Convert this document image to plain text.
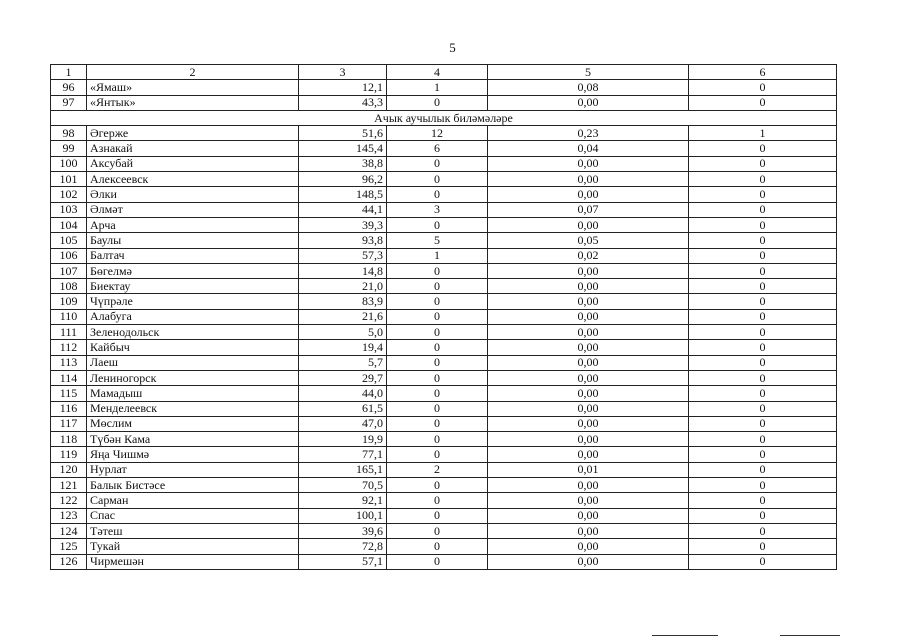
5
1	2	3	4	5	6
96	«Ямаш»	12,1	1	0,08	0
97	«Янтык»	43,3	0	0,00	0
Ачык аучылык биләмәләре					
98	Әгерже	51,6	12	0,23	1
99	Азнакай	145,4	6	0,04	0
100	Аксубай	38,8	0	0,00	0
101	Алексеевск	96,2	0	0,00	0
102	Әлки	148,5	0	0,00	0
103	Әлмәт	44,1	3	0,07	0
104	Арча	39,3	0	0,00	0
105	Баулы	93,8	5	0,05	0
106	Балтач	57,3	1	0,02	0
107	Бөгелмә	14,8	0	0,00	0
108	Биектау	21,0	0	0,00	0
109	Чүпрәле	83,9	0	0,00	0
110	Алабуга	21,6	0	0,00	0
111	Зеленодольск	5,0	0	0,00	0
112	Кайбыч	19,4	0	0,00	0
113	Лаеш	5,7	0	0,00	0
114	Лениногорск	29,7	0	0,00	0
115	Мамадыш	44,0	0	0,00	0
116	Менделеевск	61,5	0	0,00	0
117	Мөслим	47,0	0	0,00	0
118	Түбән Кама	19,9	0	0,00	0
119	Яңа Чишмә	77,1	0	0,00	0
120	Нурлат	165,1	2	0,01	0
121	Балык Бистәсе	70,5	0	0,00	0
122	Сарман	92,1	0	0,00	0
123	Спас	100,1	0	0,00	0
124	Тәтеш	39,6	0	0,00	0
125	Тукай	72,8	0	0,00	0
126	Чирмешән	57,1	0	0,00	0
